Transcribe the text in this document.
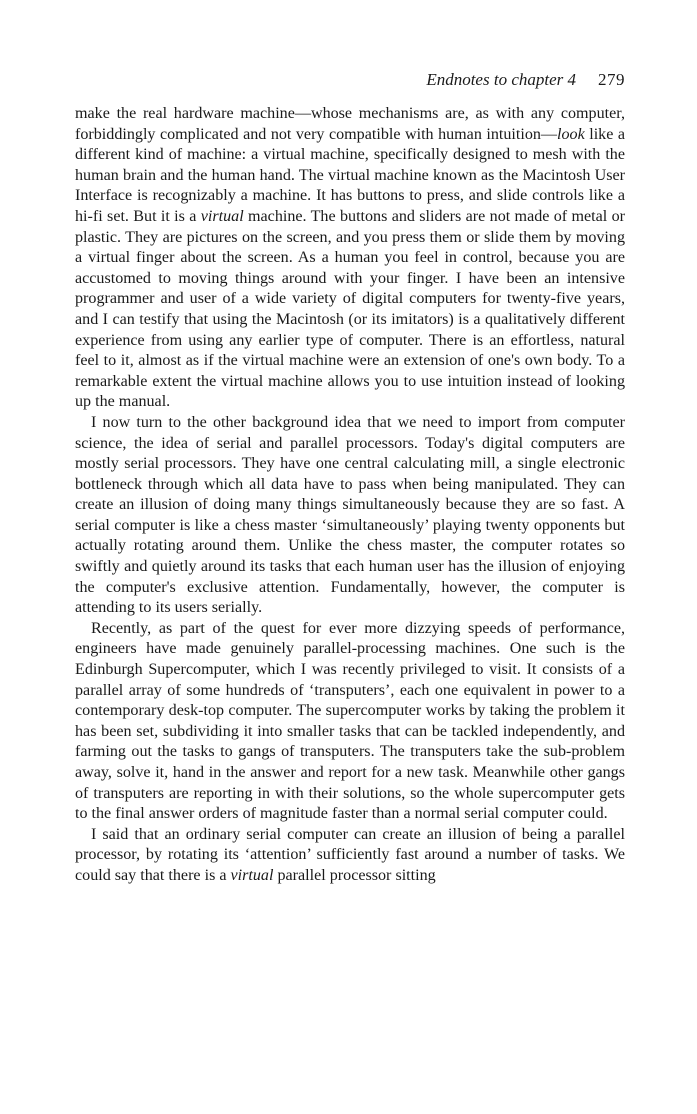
Endnotes to chapter 4 279

make the real hardware machine—whose mechanisms are, as with any computer, forbiddingly complicated and not very compatible with human intuition—look like a different kind of machine: a virtual machine, specifically designed to mesh with the human brain and the human hand. The virtual machine known as the Macintosh User Interface is recognizably a machine. It has buttons to press, and slide controls like a hi-fi set. But it is a virtual machine. The buttons and sliders are not made of metal or plastic. They are pictures on the screen, and you press them or slide them by moving a virtual finger about the screen. As a human you feel in control, because you are accustomed to moving things around with your finger. I have been an intensive programmer and user of a wide variety of digital computers for twenty-five years, and I can testify that using the Macintosh (or its imitators) is a qualitatively different experience from using any earlier type of computer. There is an effortless, natural feel to it, almost as if the virtual machine were an extension of one's own body. To a remarkable extent the virtual machine allows you to use intuition instead of looking up the manual.

I now turn to the other background idea that we need to import from computer science, the idea of serial and parallel processors. Today's digital computers are mostly serial processors. They have one central calculating mill, a single electronic bottleneck through which all data have to pass when being manipulated. They can create an illusion of doing many things simultaneously because they are so fast. A serial computer is like a chess master ‘simultaneously’ playing twenty opponents but actually rotating around them. Unlike the chess master, the computer rotates so swiftly and quietly around its tasks that each human user has the illusion of enjoying the computer's exclusive attention. Fundamentally, however, the computer is attending to its users serially.

Recently, as part of the quest for ever more dizzying speeds of performance, engineers have made genuinely parallel-processing machines. One such is the Edinburgh Supercomputer, which I was recently privileged to visit. It consists of a parallel array of some hundreds of ‘transputers’, each one equivalent in power to a contemporary desk-top computer. The supercomputer works by taking the problem it has been set, subdividing it into smaller tasks that can be tackled independently, and farming out the tasks to gangs of transputers. The transputers take the sub-problem away, solve it, hand in the answer and report for a new task. Meanwhile other gangs of transputers are reporting in with their solutions, so the whole supercomputer gets to the final answer orders of magnitude faster than a normal serial computer could.

I said that an ordinary serial computer can create an illusion of being a parallel processor, by rotating its ‘attention’ sufficiently fast around a number of tasks. We could say that there is a virtual parallel processor sitting
